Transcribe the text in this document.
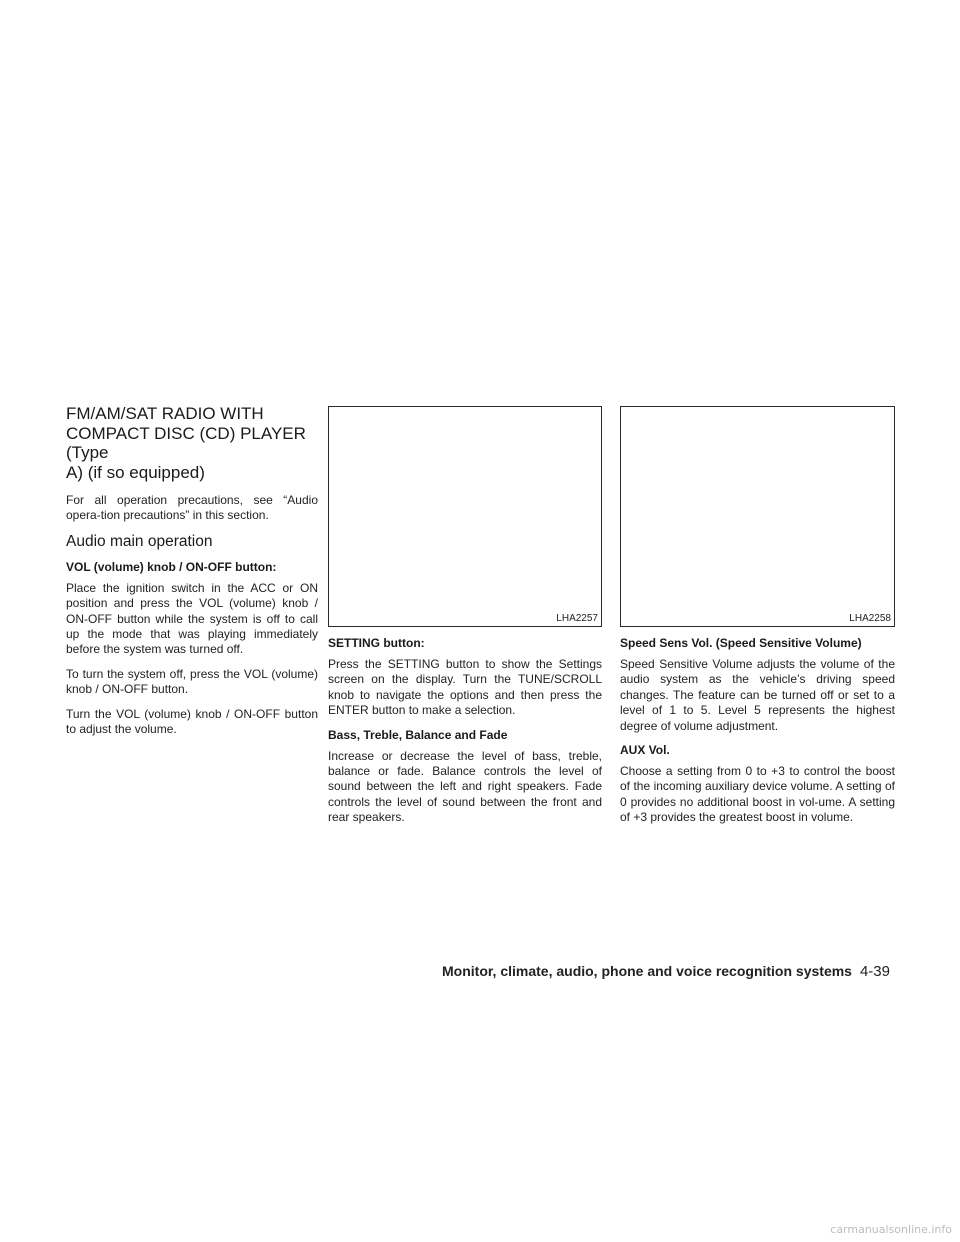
FM/AM/SAT RADIO WITH
COMPACT DISC (CD) PLAYER (Type
A) (if so equipped)

For all operation precautions, see “Audio opera-tion precautions” in this section.

Audio main operation
VOL (volume) knob / ON-OFF button:

Place the ignition switch in the ACC or ON position and press the VOL (volume) knob / ON-OFF button while the system is off to call up the mode that was playing immediately before the system was turned off.

To turn the system off, press the VOL (volume) knob / ON-OFF button.

Turn the VOL (volume) knob / ON-OFF button to adjust the volume.

LHA2257
SETTING button:

Press the SETTING button to show the Settings screen on the display. Turn the TUNE/SCROLL knob to navigate the options and then press the ENTER button to make a selection.

Bass, Treble, Balance and Fade

Increase or decrease the level of bass, treble, balance or fade. Balance controls the level of sound between the left and right speakers. Fade controls the level of sound between the front and rear speakers.

LHA2258
Speed Sens Vol. (Speed Sensitive Volume)

Speed Sensitive Volume adjusts the volume of the audio system as the vehicle’s driving speed changes. The feature can be turned off or set to a level of 1 to 5. Level 5 represents the highest degree of volume adjustment.

AUX Vol.

Choose a setting from 0 to +3 to control the boost of the incoming auxiliary device volume. A setting of 0 provides no additional boost in vol-ume. A setting of +3 provides the greatest boost in volume.

Monitor, climate, audio, phone and voice recognition systems 4-39
carmanualsonline.info
